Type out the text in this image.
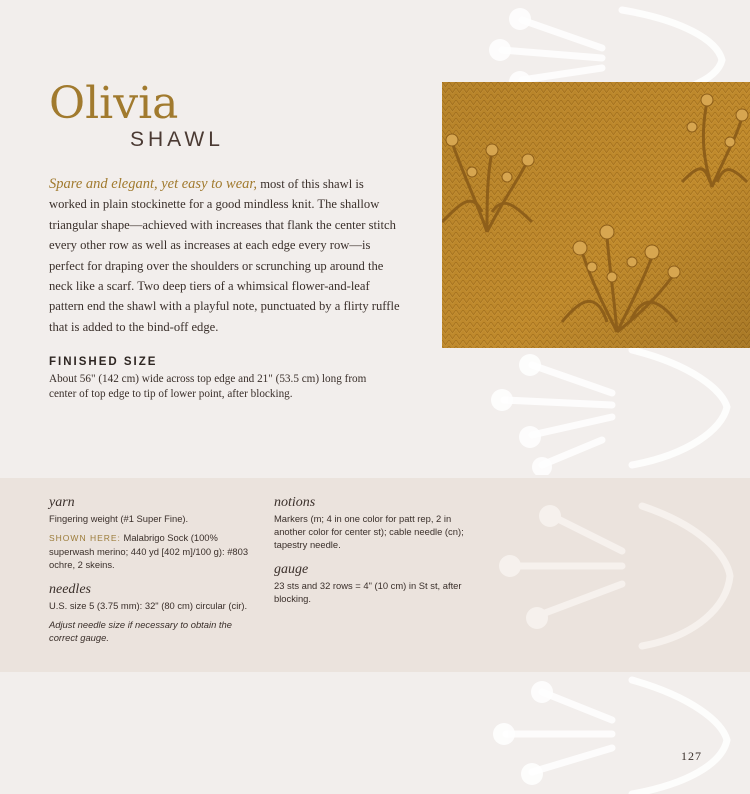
Olivia
SHAWL

Spare and elegant, yet easy to wear, most of this shawl is worked in plain stockinette for a good mindless knit. The shallow triangular shape—achieved with increases that flank the center stitch every other row as well as increases at each edge every row—is perfect for draping over the shoulders or scrunching up around the neck like a scarf. Two deep tiers of a whimsical flower-and-leaf pattern end the shawl with a playful note, punctuated by a flirty ruffle that is added to the bind-off edge.

FINISHED SIZE

About 56" (142 cm) wide across top edge and 21" (53.5 cm) long from center of top edge to tip of lower point, after blocking.

yarn

Fingering weight (#1 Super Fine).

SHOWN HERE: Malabrigo Sock (100% superwash merino; 440 yd [402 m]/100 g): #803 ochre, 2 skeins.

needles

U.S. size 5 (3.75 mm): 32" (80 cm) circular (cir).

Adjust needle size if necessary to obtain the correct gauge.

notions

Markers (m; 4 in one color for patt rep, 2 in another color for center st); cable needle (cn); tapestry needle.

gauge

23 sts and 32 rows = 4" (10 cm) in St st, after blocking.

127
